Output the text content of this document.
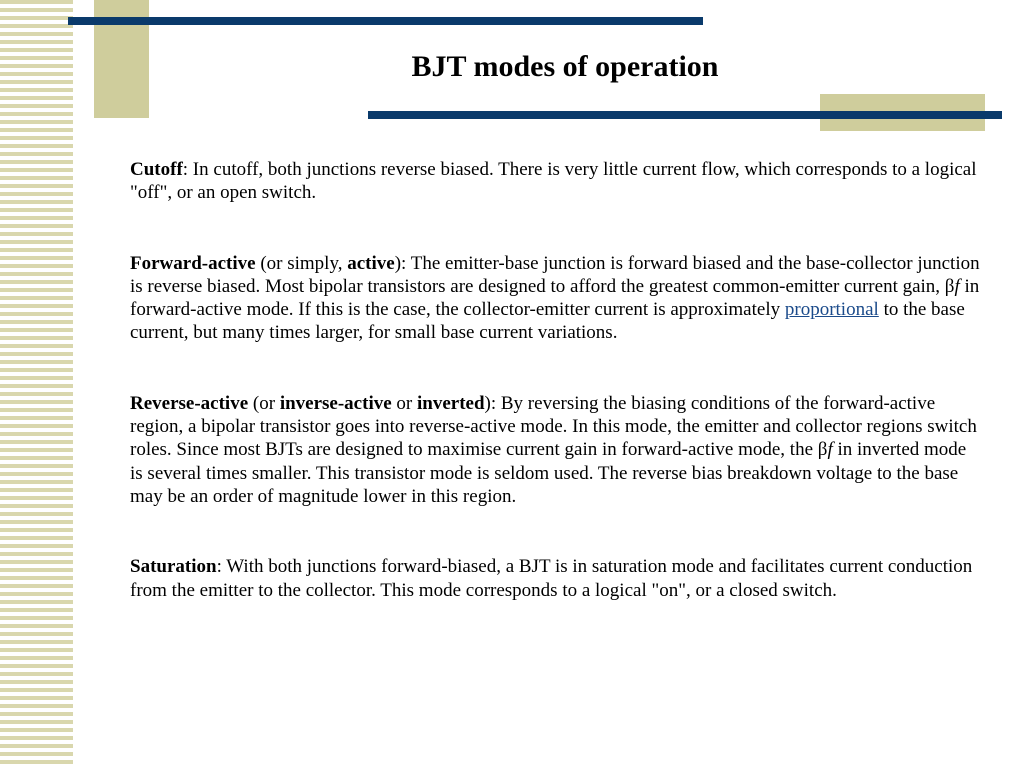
BJT modes of operation

Cutoff: In cutoff, both junctions reverse biased. There is very little current flow, which corresponds to a logical "off", or an open switch.

Forward-active (or simply, active): The emitter-base junction is forward biased and the base-collector junction is reverse biased. Most bipolar transistors are designed to afford the greatest common-emitter current gain, βf in forward-active mode. If this is the case, the collector-emitter current is approximately proportional to the base current, but many times larger, for small base current variations.

Reverse-active (or inverse-active or inverted): By reversing the biasing conditions of the forward-active region, a bipolar transistor goes into reverse-active mode. In this mode, the emitter and collector regions switch roles. Since most BJTs are designed to maximise current gain in forward-active mode, the βf in inverted mode is several times smaller. This transistor mode is seldom used. The reverse bias breakdown voltage to the base may be an order of magnitude lower in this region.

Saturation: With both junctions forward-biased, a BJT is in saturation mode and facilitates current conduction from the emitter to the collector. This mode corresponds to a logical "on", or a closed switch.
